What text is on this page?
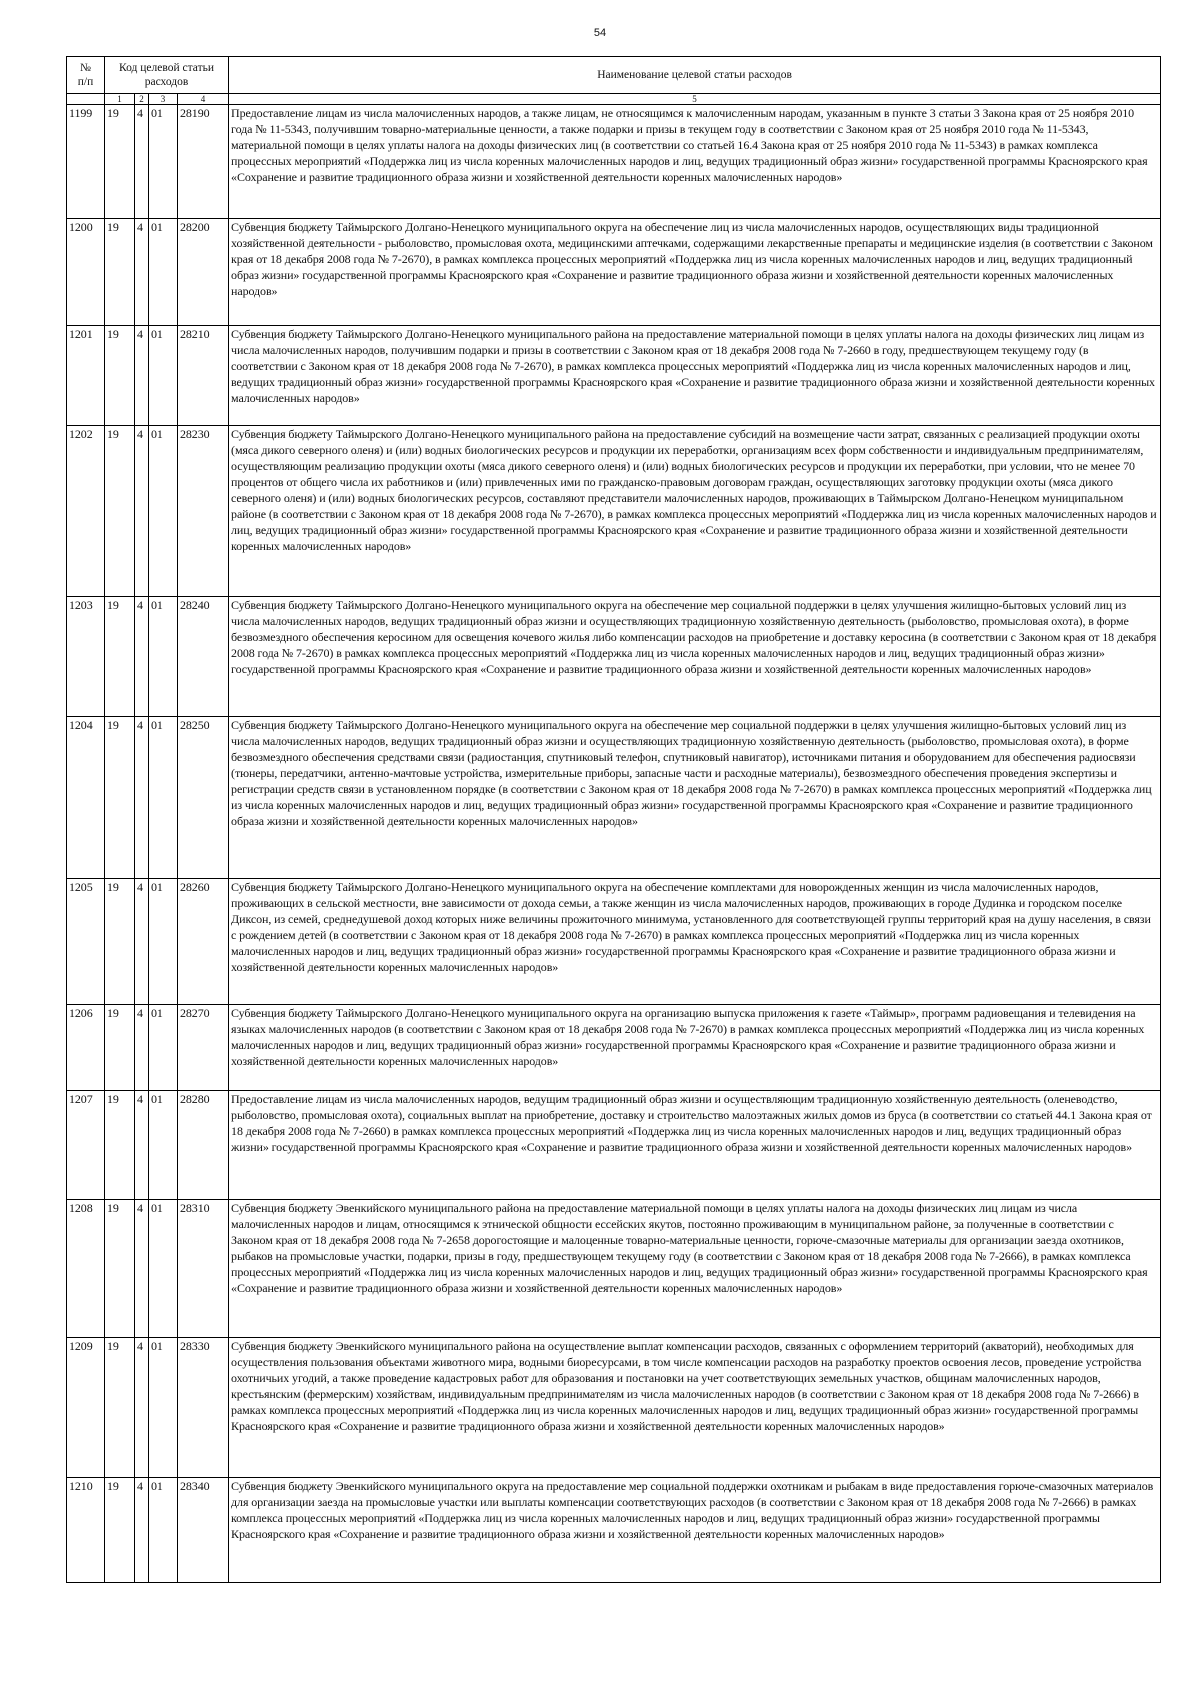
54
№
п/п	Код целевой статьи расходов				Наименование целевой статьи расходов
	1	2	3	4	5
1199	19	4	01	28190	Предоставление лицам из числа малочисленных народов, а также лицам, не относящимся к малочисленным народам, указанным в пункте 3 статьи 3 Закона края от 25 ноября 2010 года № 11-5343, получившим товарно-материальные ценности, а также подарки и призы в текущем году в соответствии с Законом края от 25 ноября 2010 года № 11-5343, материальной помощи в целях уплаты налога на доходы физических лиц (в соответствии со статьей 16.4 Закона края от 25 ноября 2010 года № 11-5343) в рамках комплекса процессных мероприятий «Поддержка лиц из числа коренных малочисленных народов и лиц, ведущих традиционный образ жизни» государственной программы Красноярского края «Сохранение и развитие традиционного образа жизни и хозяйственной деятельности коренных малочисленных народов»
1200	19	4	01	28200	Субвенция бюджету Таймырского Долгано-Ненецкого муниципального округа на обеспечение лиц из числа малочисленных народов, осуществляющих виды традиционной хозяйственной деятельности - рыболовство, промысловая охота, медицинскими аптечками, содержащими лекарственные препараты и медицинские изделия (в соответствии с Законом края от 18 декабря 2008 года № 7-2670), в рамках комплекса процессных мероприятий «Поддержка лиц из числа коренных малочисленных народов и лиц, ведущих традиционный образ жизни» государственной программы Красноярского края «Сохранение и развитие традиционного образа жизни и хозяйственной деятельности коренных малочисленных народов»
1201	19	4	01	28210	Субвенция бюджету Таймырского Долгано-Ненецкого муниципального района на предоставление материальной помощи в целях уплаты налога на доходы физических лиц лицам из числа малочисленных народов, получившим подарки и призы в соответствии с Законом края от 18 декабря 2008 года № 7-2660 в году, предшествующем текущему году (в соответствии с Законом края от 18 декабря 2008 года № 7-2670), в рамках комплекса процессных мероприятий «Поддержка лиц из числа коренных малочисленных народов и лиц, ведущих традиционный образ жизни» государственной программы Красноярского края «Сохранение и развитие традиционного образа жизни и хозяйственной деятельности коренных малочисленных народов»
1202	19	4	01	28230	Субвенция бюджету Таймырского Долгано-Ненецкого муниципального района на предоставление субсидий на возмещение части затрат, связанных с реализацией продукции охоты (мяса дикого северного оленя) и (или) водных биологических ресурсов и продукции их переработки, организациям всех форм собственности и индивидуальным предпринимателям, осуществляющим реализацию продукции охоты (мяса дикого северного оленя) и (или) водных биологических ресурсов и продукции их переработки, при условии, что не менее 70 процентов от общего числа их работников и (или) привлеченных ими по гражданско-правовым договорам граждан, осуществляющих заготовку продукции охоты (мяса дикого северного оленя) и (или) водных биологических ресурсов, составляют представители малочисленных народов, проживающих в Таймырском Долгано-Ненецком муниципальном районе (в соответствии с Законом края от 18 декабря 2008 года № 7-2670), в рамках комплекса процессных мероприятий «Поддержка лиц из числа коренных малочисленных народов и лиц, ведущих традиционный образ жизни» государственной программы Красноярского края «Сохранение и развитие традиционного образа жизни и хозяйственной деятельности коренных малочисленных народов»
1203	19	4	01	28240	Субвенция бюджету Таймырского Долгано-Ненецкого муниципального округа на обеспечение мер социальной поддержки в целях улучшения жилищно-бытовых условий лиц из числа малочисленных народов, ведущих традиционный образ жизни и осуществляющих традиционную хозяйственную деятельность (рыболовство, промысловая охота), в форме безвозмездного обеспечения керосином для освещения кочевого жилья либо компенсации расходов на приобретение и доставку керосина (в соответствии с Законом края от 18 декабря 2008 года № 7-2670) в рамках комплекса процессных мероприятий «Поддержка лиц из числа коренных малочисленных народов и лиц, ведущих традиционный образ жизни» государственной программы Красноярского края «Сохранение и развитие традиционного образа жизни и хозяйственной деятельности коренных малочисленных народов»
1204	19	4	01	28250	Субвенция бюджету Таймырского Долгано-Ненецкого муниципального округа на обеспечение мер социальной поддержки в целях улучшения жилищно-бытовых условий лиц из числа малочисленных народов, ведущих традиционный образ жизни и осуществляющих традиционную хозяйственную деятельность (рыболовство, промысловая охота), в форме безвозмездного обеспечения средствами связи (радиостанция, спутниковый телефон, спутниковый навигатор), источниками питания и оборудованием для обеспечения радиосвязи (тюнеры, передатчики, антенно-мачтовые устройства, измерительные приборы, запасные части и расходные материалы), безвозмездного обеспечения проведения экспертизы и регистрации средств связи в установленном порядке (в соответствии с Законом края от 18 декабря 2008 года № 7-2670) в рамках комплекса процессных мероприятий «Поддержка лиц из числа коренных малочисленных народов и лиц, ведущих традиционный образ жизни» государственной программы Красноярского края «Сохранение и развитие традиционного образа жизни и хозяйственной деятельности коренных малочисленных народов»
1205	19	4	01	28260	Субвенция бюджету Таймырского Долгано-Ненецкого муниципального округа на обеспечение комплектами для новорожденных женщин из числа малочисленных народов, проживающих в сельской местности, вне зависимости от дохода семьи, а также женщин из числа малочисленных народов, проживающих в городе Дудинка и городском поселке Диксон, из семей, среднедушевой доход которых ниже величины прожиточного минимума, установленного для соответствующей группы территорий края на душу населения, в связи с рождением детей (в соответствии с Законом края от 18 декабря 2008 года № 7-2670) в рамках комплекса процессных мероприятий «Поддержка лиц из числа коренных малочисленных народов и лиц, ведущих традиционный образ жизни» государственной программы Красноярского края «Сохранение и развитие традиционного образа жизни и хозяйственной деятельности коренных малочисленных народов»
1206	19	4	01	28270	Субвенция бюджету Таймырского Долгано-Ненецкого муниципального округа на организацию выпуска приложения к газете «Таймыр», программ радиовещания и телевидения на языках малочисленных народов (в соответствии с Законом края от 18 декабря 2008 года № 7-2670) в рамках комплекса процессных мероприятий «Поддержка лиц из числа коренных малочисленных народов и лиц, ведущих традиционный образ жизни» государственной программы Красноярского края «Сохранение и развитие традиционного образа жизни и хозяйственной деятельности коренных малочисленных народов»
1207	19	4	01	28280	Предоставление лицам из числа малочисленных народов, ведущим традиционный образ жизни и осуществляющим традиционную хозяйственную деятельность (оленеводство, рыболовство, промысловая охота), социальных выплат на приобретение, доставку и строительство малоэтажных жилых домов из бруса (в соответствии со статьей 44.1 Закона края от 18 декабря 2008 года № 7-2660) в рамках комплекса процессных мероприятий «Поддержка лиц из числа коренных малочисленных народов и лиц, ведущих традиционный образ жизни» государственной программы Красноярского края «Сохранение и развитие традиционного образа жизни и хозяйственной деятельности коренных малочисленных народов»
1208	19	4	01	28310	Субвенция бюджету Эвенкийского муниципального района на предоставление материальной помощи в целях уплаты налога на доходы физических лиц лицам из числа малочисленных народов и лицам, относящимся к этнической общности ессейских якутов, постоянно проживающим в муниципальном районе, за полученные в соответствии с Законом края от 18 декабря 2008 года № 7-2658 дорогостоящие и малоценные товарно-материальные ценности, горюче-смазочные материалы для организации заезда охотников, рыбаков на промысловые участки, подарки, призы в году, предшествующем текущему году (в соответствии с Законом края от 18 декабря 2008 года № 7-2666), в рамках комплекса процессных мероприятий «Поддержка лиц из числа коренных малочисленных народов и лиц, ведущих традиционный образ жизни» государственной программы Красноярского края «Сохранение и развитие традиционного образа жизни и хозяйственной деятельности коренных малочисленных народов»
1209	19	4	01	28330	Субвенция бюджету Эвенкийского муниципального района на осуществление выплат компенсации расходов, связанных с оформлением территорий (акваторий), необходимых для осуществления пользования объектами животного мира, водными биоресурсами, в том числе компенсации расходов на разработку проектов освоения лесов, проведение устройства охотничьих угодий, а также проведение кадастровых работ для образования и постановки на учет соответствующих земельных участков, общинам малочисленных народов, крестьянским (фермерским) хозяйствам, индивидуальным предпринимателям из числа малочисленных народов (в соответствии с Законом края от 18 декабря 2008 года № 7-2666) в рамках комплекса процессных мероприятий «Поддержка лиц из числа коренных малочисленных народов и лиц, ведущих традиционный образ жизни» государственной программы Красноярского края «Сохранение и развитие традиционного образа жизни и хозяйственной деятельности коренных малочисленных народов»
1210	19	4	01	28340	Субвенция бюджету Эвенкийского муниципального округа на предоставление мер социальной поддержки охотникам и рыбакам в виде предоставления горюче-смазочных материалов для организации заезда на промысловые участки или выплаты компенсации соответствующих расходов (в соответствии с Законом края от 18 декабря 2008 года № 7-2666) в рамках комплекса процессных мероприятий «Поддержка лиц из числа коренных малочисленных народов и лиц, ведущих традиционный образ жизни» государственной программы Красноярского края «Сохранение и развитие традиционного образа жизни и хозяйственной деятельности коренных малочисленных народов»
